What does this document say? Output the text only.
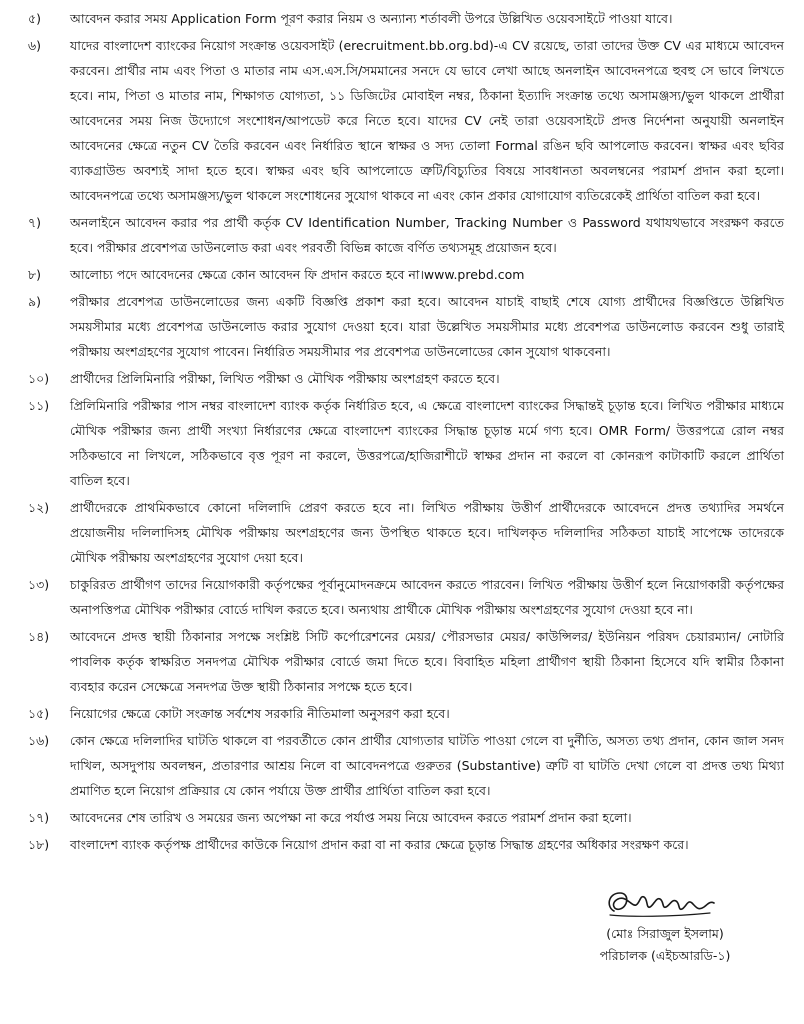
৫)	আবেদন করার সময় Application Form পূরণ করার নিয়ম ও অন্যান্য শর্তাবলী উপরে উল্লিখিত ওয়েবসাইটে পাওয়া যাবে।
৬)	যাদের বাংলাদেশ ব্যাংকের নিয়োগ সংক্রান্ত ওয়েবসাইট (erecruitment.bb.org.bd)-এ CV রয়েছে, তারা তাদের উক্ত CV এর মাধ্যমে আবেদন করবেন। প্রার্থীর নাম এবং পিতা ও মাতার নাম এস.এস.সি/সমমানের সনদে যে ভাবে লেখা আছে অনলাইন আবেদনপত্রে হুবহু সে ভাবে লিখতে হবে। নাম, পিতা ও মাতার নাম, শিক্ষাগত যোগ্যতা, ১১ ডিজিটের মোবাইল নম্বর, ঠিকানা ইত্যাদি সংক্রান্ত তথ্যে অসামঞ্জস্য/ভুল থাকলে প্রার্থীরা আবেদনের সময় নিজ উদ্যোগে সংশোধন/আপডেট করে নিতে হবে। যাদের CV নেই তারা ওয়েবসাইটে প্রদত্ত নির্দেশনা অনুযায়ী অনলাইন আবেদনের ক্ষেত্রে নতুন CV তৈরি করবেন এবং নির্ধারিত স্থানে স্বাক্ষর ও সদ্য তোলা Formal রঙিন ছবি আপলোড করবেন। স্বাক্ষর এবং ছবির ব্যাকগ্রাউন্ড অবশ্যই সাদা হতে হবে। স্বাক্ষর এবং ছবি আপলোডে ত্রুটি/বিচ্যুতির বিষয়ে সাবধানতা অবলম্বনের পরামর্শ প্রদান করা হলো। আবেদনপত্রে তথ্যে অসামঞ্জস্য/ভুল থাকলে সংশোধনের সুযোগ থাকবে না এবং কোন প্রকার যোগাযোগ ব্যতিরেকেই প্রার্থিতা বাতিল করা হবে।
৭)	অনলাইনে আবেদন করার পর প্রার্থী কর্তৃক CV Identification Number, Tracking Number ও Password যথাযথভাবে সংরক্ষণ করতে হবে। পরীক্ষার প্রবেশপত্র ডাউনলোড করা এবং পরবর্তী বিভিন্ন কাজে বর্ণিত তথ্যসমূহ প্রয়োজন হবে।
৮)	আলোচ্য পদে আবেদনের ক্ষেত্রে কোন আবেদন ফি প্রদান করতে হবে না।www.prebd.com
৯)	পরীক্ষার প্রবেশপত্র ডাউনলোডের জন্য একটি বিজ্ঞপ্তি প্রকাশ করা হবে। আবেদন যাচাই বাছাই শেষে যোগ্য প্রার্থীদের বিজ্ঞপ্তিতে উল্লিখিত সময়সীমার মধ্যে প্রবেশপত্র ডাউনলোড করার সুযোগ দেওয়া হবে। যারা উল্লেখিত সময়সীমার মধ্যে প্রবেশপত্র ডাউনলোড করবেন শুধু তারাই পরীক্ষায় অংশগ্রহণের সুযোগ পাবেন। নির্ধারিত সময়সীমার পর প্রবেশপত্র ডাউনলোডের কোন সুযোগ থাকবেনা।
১০)	প্রার্থীদের প্রিলিমিনারি পরীক্ষা, লিখিত পরীক্ষা ও মৌখিক পরীক্ষায় অংশগ্রহণ করতে হবে।
১১)	প্রিলিমিনারি পরীক্ষার পাস নম্বর বাংলাদেশ ব্যাংক কর্তৃক নির্ধারিত হবে, এ ক্ষেত্রে বাংলাদেশ ব্যাংকের সিদ্ধান্তই চূড়ান্ত হবে। লিখিত পরীক্ষার মাধ্যমে মৌখিক পরীক্ষার জন্য প্রার্থী সংখ্যা নির্ধারণের ক্ষেত্রে বাংলাদেশ ব্যাংকের সিদ্ধান্ত চূড়ান্ত মর্মে গণ্য হবে। OMR Form/ উত্তরপত্রে রোল নম্বর সঠিকভাবে না লিখলে, সঠিকভাবে বৃত্ত পূরণ না করলে, উত্তরপত্রে/হাজিরাশীটে স্বাক্ষর প্রদান না করলে বা কোনরূপ কাটাকাটি করলে প্রার্থিতা বাতিল হবে।
১২)	প্রার্থীদেরকে প্রাথমিকভাবে কোনো দলিলাদি প্রেরণ করতে হবে না। লিখিত পরীক্ষায় উত্তীর্ণ প্রার্থীদেরকে আবেদনে প্রদত্ত তথ্যাদির সমর্থনে প্রয়োজনীয় দলিলাদিসহ মৌখিক পরীক্ষায় অংশগ্রহণের জন্য উপস্থিত থাকতে হবে। দাখিলকৃত দলিলাদির সঠিকতা যাচাই সাপেক্ষে তাদেরকে মৌখিক পরীক্ষায় অংশগ্রহণের সুযোগ দেয়া হবে।
১৩)	চাকুরিরত প্রার্থীগণ তাদের নিয়োগকারী কর্তৃপক্ষের পূর্বানুমোদনক্রমে আবেদন করতে পারবেন। লিখিত পরীক্ষায় উত্তীর্ণ হলে নিয়োগকারী কর্তৃপক্ষের অনাপত্তিপত্র মৌখিক পরীক্ষার বোর্ডে দাখিল করতে হবে। অন্যথায় প্রার্থীকে মৌখিক পরীক্ষায় অংশগ্রহণের সুযোগ দেওয়া হবে না।
১৪)	আবেদনে প্রদত্ত স্থায়ী ঠিকানার সপক্ষে সংশ্লিষ্ট সিটি কর্পোরেশনের মেয়র/ পৌরসভার মেয়র/ কাউন্সিলর/ ইউনিয়ন পরিষদ চেয়ারম্যান/ নোটারি পাবলিক কর্তৃক স্বাক্ষরিত সনদপত্র মৌখিক পরীক্ষার বোর্ডে জমা দিতে হবে। বিবাহিত মহিলা প্রার্থীগণ স্থায়ী ঠিকানা হিসেবে যদি স্বামীর ঠিকানা ব্যবহার করেন সেক্ষেত্রে সনদপত্র উক্ত স্থায়ী ঠিকানার সপক্ষে হতে হবে।
১৫)	নিয়োগের ক্ষেত্রে কোটা সংক্রান্ত সর্বশেষ সরকারি নীতিমালা অনুসরণ করা হবে।
১৬)	কোন ক্ষেত্রে দলিলাদির ঘাটতি থাকলে বা পরবর্তীতে কোন প্রার্থীর যোগ্যতার ঘাটতি পাওয়া গেলে বা দুর্নীতি, অসত্য তথ্য প্রদান, কোন জাল সনদ দাখিল, অসদুপায় অবলম্বন, প্রতারণার আশ্রয় নিলে বা আবেদনপত্রে গুরুতর (Substantive) ত্রুটি বা ঘাটতি দেখা গেলে বা প্রদত্ত তথ্য মিথ্যা প্রমাণিত হলে নিয়োগ প্রক্রিয়ার যে কোন পর্যায়ে উক্ত প্রার্থীর প্রার্থিতা বাতিল করা হবে।
১৭)	আবেদনের শেষ তারিখ ও সময়ের জন্য অপেক্ষা না করে পর্যাপ্ত সময় নিয়ে আবেদন করতে পরামর্শ প্রদান করা হলো।
১৮)	বাংলাদেশ ব্যাংক কর্তৃপক্ষ প্রার্থীদের কাউকে নিয়োগ প্রদান করা বা না করার ক্ষেত্রে চূড়ান্ত সিদ্ধান্ত গ্রহণের অধিকার সংরক্ষণ করে।
(মোঃ সিরাজুল ইসলাম)
পরিচালক (এইচআরডি-১)
